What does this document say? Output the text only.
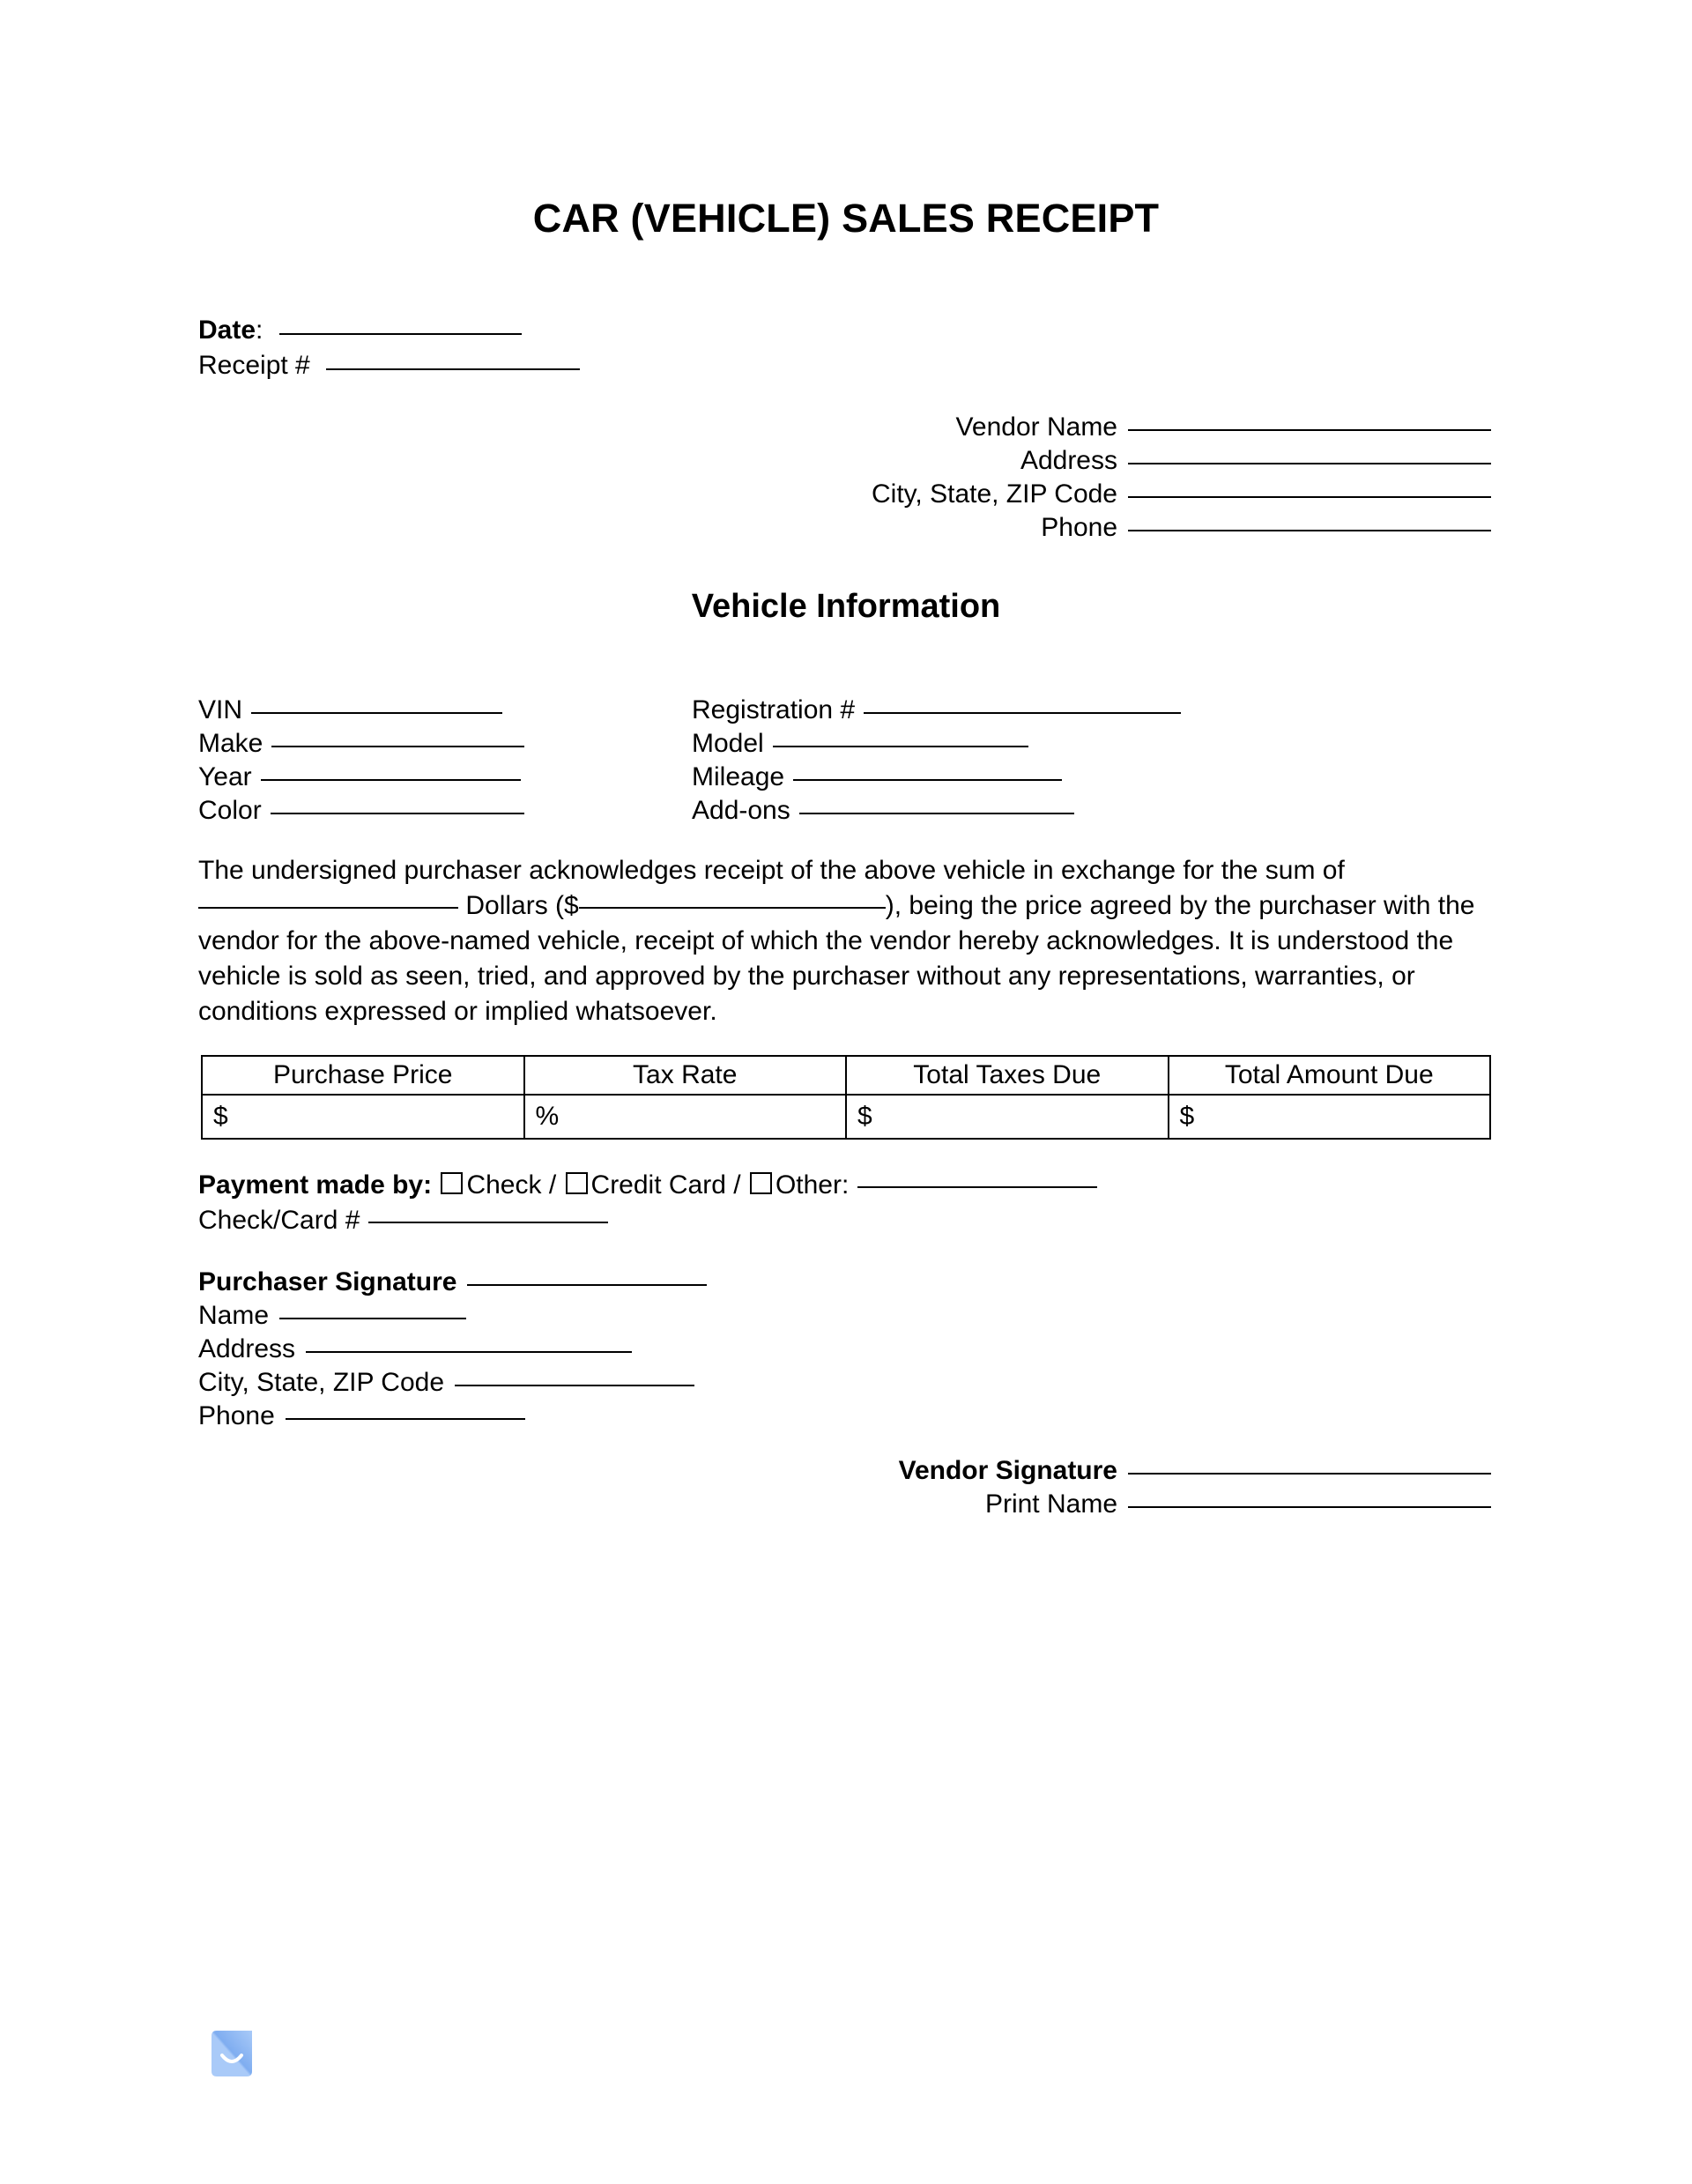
CAR (VEHICLE) SALES RECEIPT
Date:
Receipt #
Vendor Name
Address
City, State, ZIP Code
Phone
Vehicle Information
VIN	Registration #
Make	Model
Year	Mileage
Color	Add-ons
The undersigned purchaser acknowledges receipt of the above vehicle in exchange for the sum of  Dollars ($	), being the price agreed by the purchaser with the vendor for the above-named vehicle, receipt of which the vendor hereby acknowledges. It is understood the vehicle is sold as seen, tried, and approved by the purchaser without any representations, warranties, or conditions expressed or implied whatsoever.
Purchase Price	Tax Rate	Total Taxes Due	Total Amount Due
$	%	$	$
Payment made by: Check / Credit Card / Other:
Check/Card #
Purchaser Signature
Name
Address
City, State, ZIP Code
Phone
Vendor Signature
Print Name
